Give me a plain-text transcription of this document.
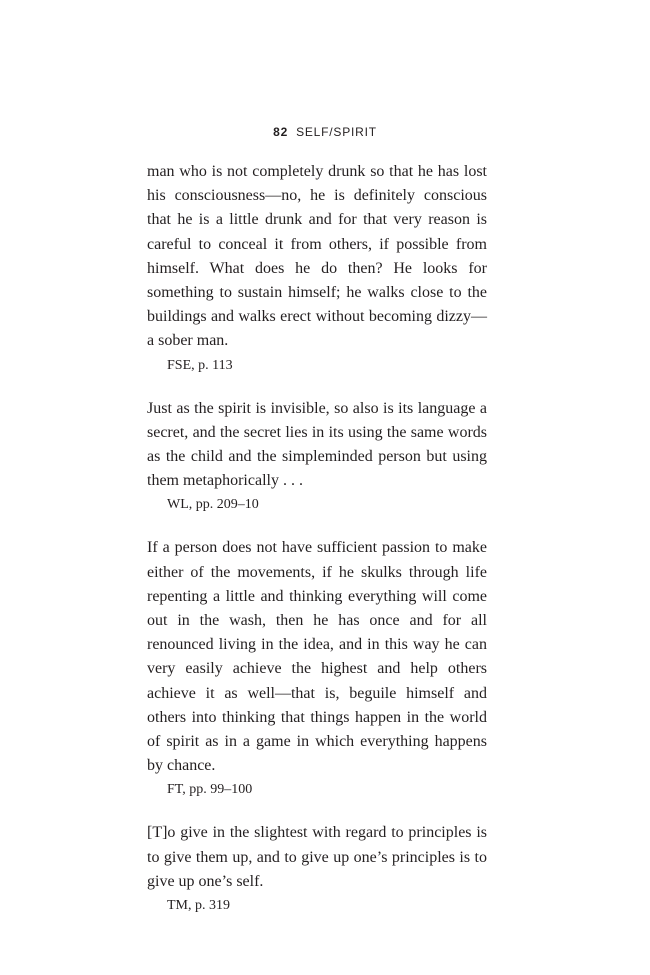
82 SELF/SPIRIT

man who is not completely drunk so that he has lost his consciousness—no, he is definitely conscious that he is a little drunk and for that very reason is careful to conceal it from others, if possible from himself. What does he do then? He looks for something to sustain himself; he walks close to the buildings and walks erect without becoming dizzy—a sober man.

FSE, p. 113

Just as the spirit is invisible, so also is its language a secret, and the secret lies in its using the same words as the child and the simpleminded person but using them metaphorically . . .

WL, pp. 209–10

If a person does not have sufficient passion to make either of the movements, if he skulks through life repenting a little and thinking everything will come out in the wash, then he has once and for all renounced living in the idea, and in this way he can very easily achieve the highest and help others achieve it as well—that is, beguile himself and others into thinking that things happen in the world of spirit as in a game in which everything happens by chance.

FT, pp. 99–100

[T]o give in the slightest with regard to principles is to give them up, and to give up one’s principles is to give up one’s self.

TM, p. 319
